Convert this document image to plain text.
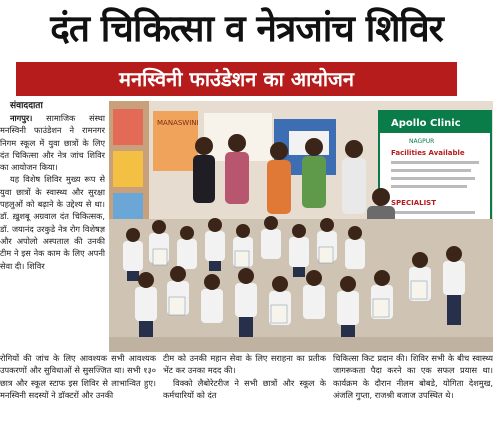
दंत चिकित्सा व नेत्रजांच शिविर
मनस्विनी फाउंडेशन का आयोजन
संवाददाता

नागपुर। सामाजिक संस्था मनस्विनी फाउंडेशन ने रामनगर निगम स्कूल में युवा छात्रों के लिए दंत चिकित्सा और नेत्र जांच शिविर का आयोजन किया।

यह विशेष शिविर मुख्य रूप से युवा छात्रों के स्वास्थ्य और सुरक्षा पहलुओं को बढ़ाने के उद्देश्य से था। डॉ. ख़ुशबू अग्रवाल दंत चिकित्सक, डॉ. जयानंद उरकुडे नेत्र रोग विशेषज्ञ और अपोलो अस्पताल की उनकी टीम ने इस नेक काम के लिए अपनी सेवा दी। शिविर

MANASWINI	Apollo Clinic
NAGPUR
Facilities Available
SPECIALIST

रोगियों की जांच के लिए आवश्यक सभी आवश्यक उपकरणों और सुविधाओं से सुसज्जित था। सभी १३० छात्र और स्कूल स्टाफ इस शिविर से लाभान्वित हुए। मनस्विनी सदस्यों ने डॉक्टरों और उनकी

टीम को उनकी महान सेवा के लिए सराहना का प्रतीक भेंट कर उनका मदद की।

विक्को लैबोरेटरीज ने सभी छात्रों और स्कूल के कर्मचारियों को दंत

चिकित्सा किट प्रदान की। शिविर सभी के बीच स्वास्थ्य जागरूकता पैदा करने का एक सफल प्रयास था। कार्यक्रम के दौरान नीलम बोबडे, योगिता देशमुख, अंजलि गुप्ता, राजश्री बजाज उपस्थित थे।
